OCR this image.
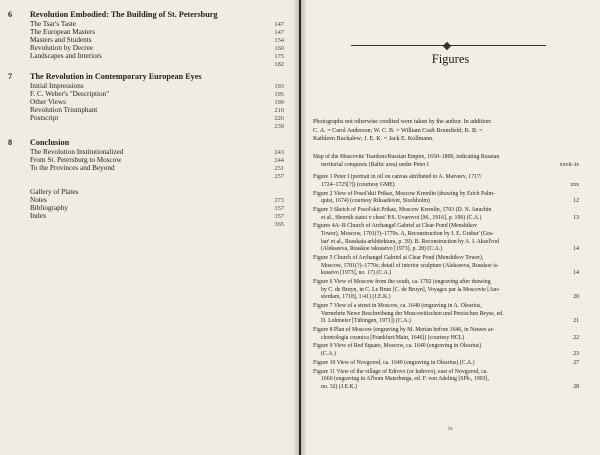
6 Revolution Embodied: The Building of St. Petersburg
The Tsar's Taste	147
The European Masters	147
Masters and Students	154
Revolution by Decree	160
Landscapes and Interiors	175
182
7 The Revolution in Contemporary European Eyes
Initial Impressions	193
F. C. Weber's "Description"	195
Other Views	199
Revolution Triumphant	210
Postscript	226
239
8 Conclusion
The Revolution Institutionalized	243
From St. Petersburg to Moscow	244
To the Provinces and Beyond	251
257
Gallery of Plates
Notes	273
Bibliography	357
Index	357
365
Figures
Photographs not otherwise credited were taken by the author. In addition:
C. A. = Carol Anderson; W. C. B. = William Craft Brumfield; K. B. =
Kathleen Buckalew; J. E. K. = Jack E. Kollmann.
Map of the Muscovite Tsardom/Russian Empire, 1650–1800, indicating Russian
territorial conquests (Baltic area) under Peter I	xxvii–ix
Figure 1 Peter I (portrait in oil on canvas attributed to A. Matveev, 1717/
1724–1725[?]) (courtesy GME)	xxx
Figure 2 View of Posol'skii Prikaz, Moscow Kremlin (drawing by Erich Palm-
quist, 1674) (courtesy Riksarkivet, Stockholm)	12
Figure 3 Sketch of Posol'skii Prikaz, Moscow Kremlin, 1703 (D. N. Anuchin
et al., Sbornik statei v chest' P.S. Uvarovoi [M., 1916], p. 100) (C.A.)	13
Figures 4A–B Church of Archangel Gabriel at Clear Pond (Menshikov
Tower), Moscow, 1701(?)–1770s. A, Reconstruction by I. E. Grabar' (Gra-
bar' et al., Russkaia arkhitektura, p. 39). B. Reconstruction by A. I. Aksel'rod
(Alekseeva, Russkoe iskusstvo [1973], p. 28) (C.A.)	14
Figure 5 Church of Archangel Gabriel at Clear Pond (Menshikov Tower),
Moscow, 1701(?)–1770s; detail of interior sculpture (Alekseeva, Russkoe is-
kusstvo [1973], no. 17) (C.A.)	14
Figure 6 View of Moscow from the south, ca. 1702 (engraving after drawing
by C. de Bruyn, in C. Le Brun [C. de Bruyn], Voyages par la Moscovie [Am-
sterdam, 1718], 1:41) (J.E.K.)	20
Figure 7 View of a street in Moscow, ca. 1640 (engraving in A. Olearius,
Vermehrte Newe Beschreibung der Muscowitischen und Persischen Reyse, ed.
D. Lohmeier [Tübingen, 1971]) (C.A.)	21
Figure 8 Plan of Moscow (engraving by M. Merian before 1646, in Neuwe ar-
chontologia cosmica [Frankfurt/Main, 1646]) (courtesy HCL)	22
Figure 9 View of Red Square, Moscow, ca. 1640 (engraving in Olearius)
(C.A.)	23
Figure 10 View of Novgorod, ca. 1640 (engraving in Olearius) (C.A.)	27
Figure 11 View of the village of Edrovo (or Iadrovo), east of Novgorod, ca.
1660 (engraving in Al'bom Maierberga, ed. F. von Adeling [SPb., 1903],
no. 32) (J.E.K.)	28
ix
